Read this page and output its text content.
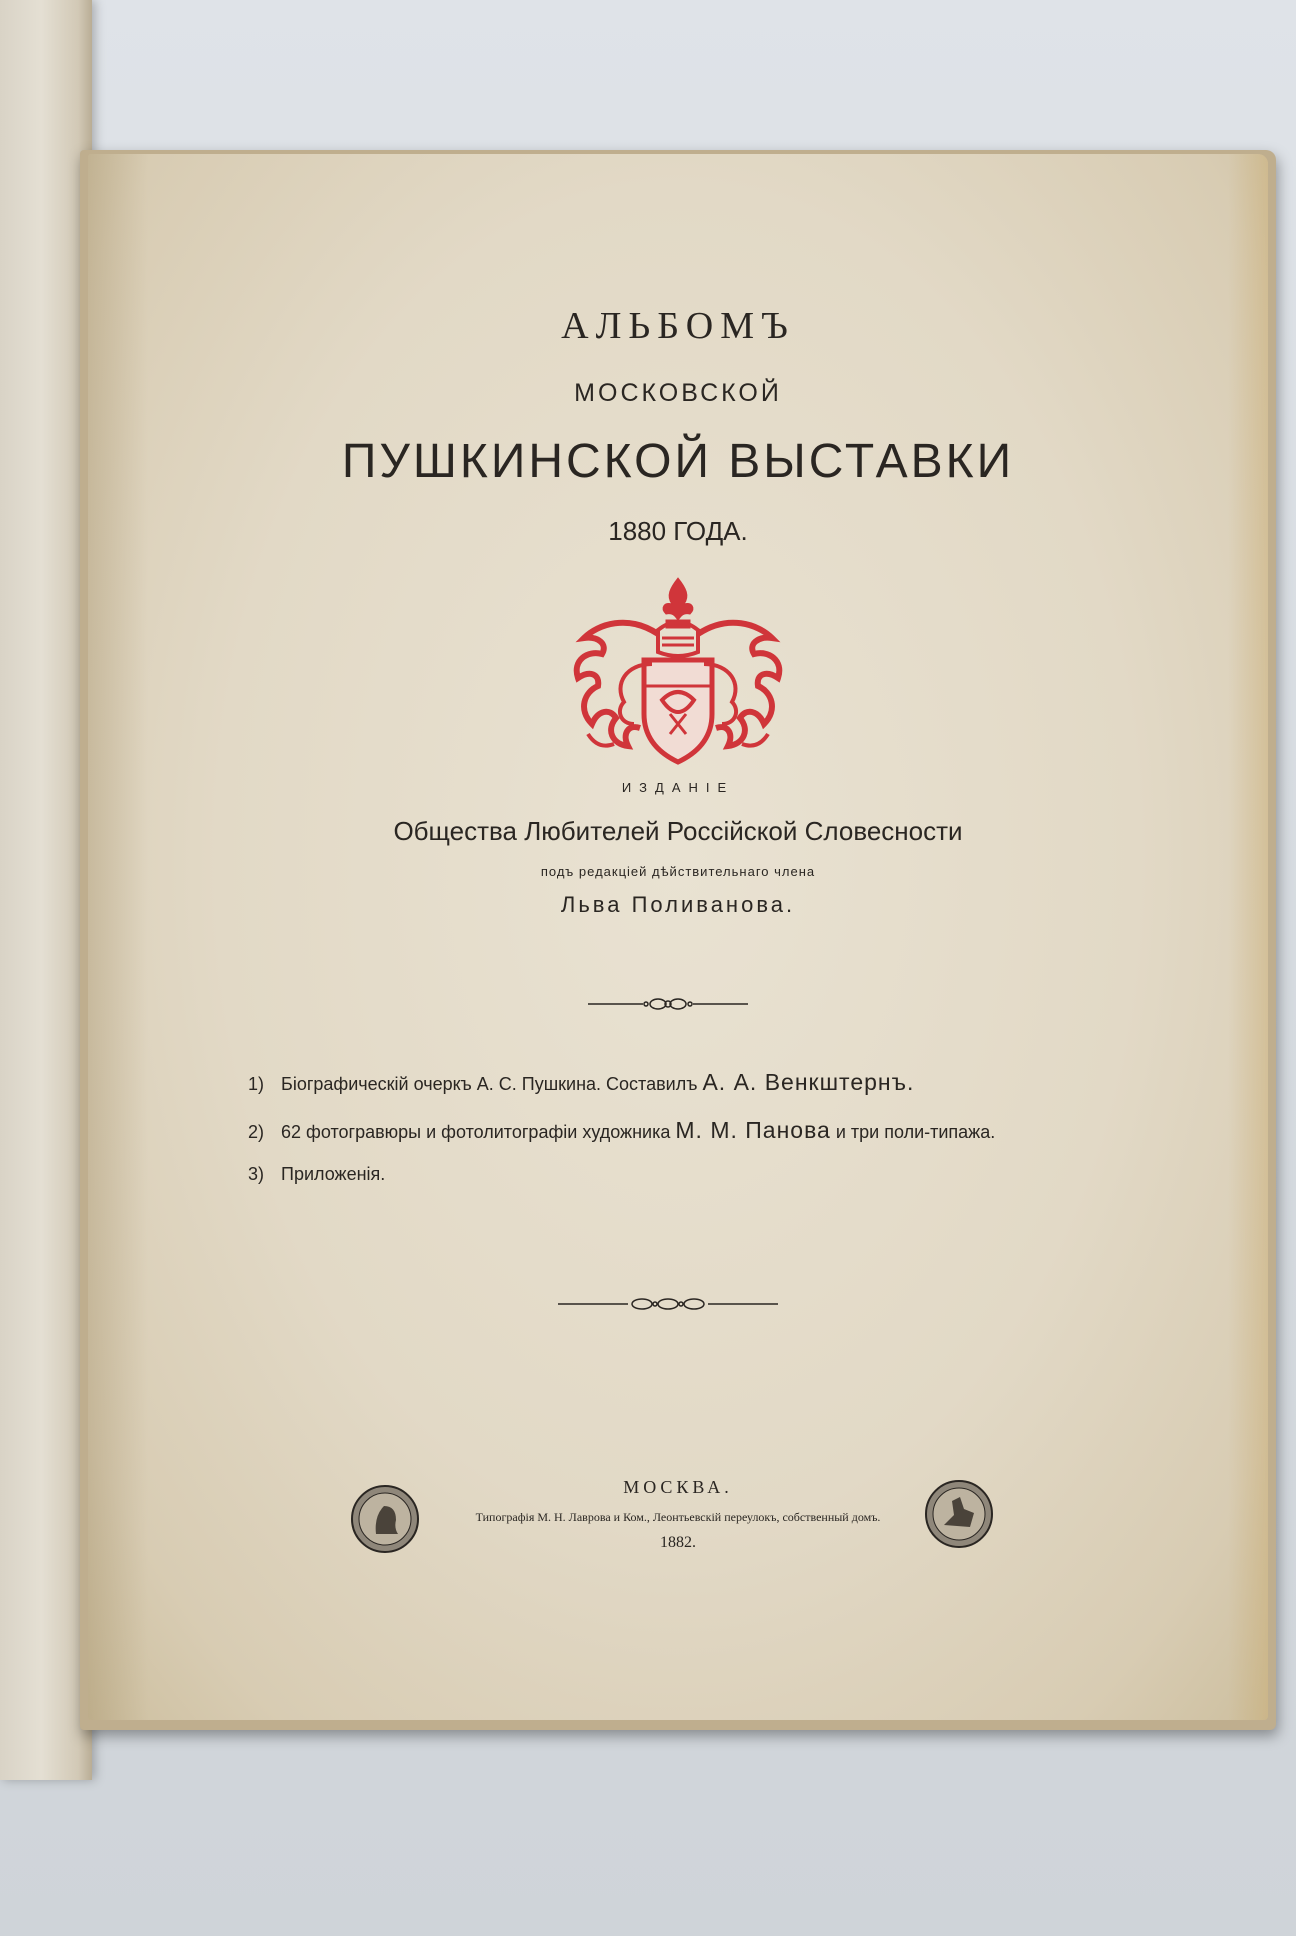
АЛЬБОМЪ
МОСКОВСКОЙ
ПУШКИНСКОЙ ВЫСТАВКИ
1880 ГОДА.
ИЗДАНІЕ
Общества Любителей Россійской Словесности
подъ редакціей дѣйствительнаго члена
Льва Поливанова.
1) Біографическій очеркъ А. С. Пушкина. Составилъ А. А. Венкштернъ.
2) 62 фотогравюры и фотолитографіи художника М. М. Панова и три поли-типажа.
3) Приложенія.
МОСКВА.
Типографія М. Н. Лаврова и Ком., Леонтьевскій переулокъ, собственный домъ.
1882.
